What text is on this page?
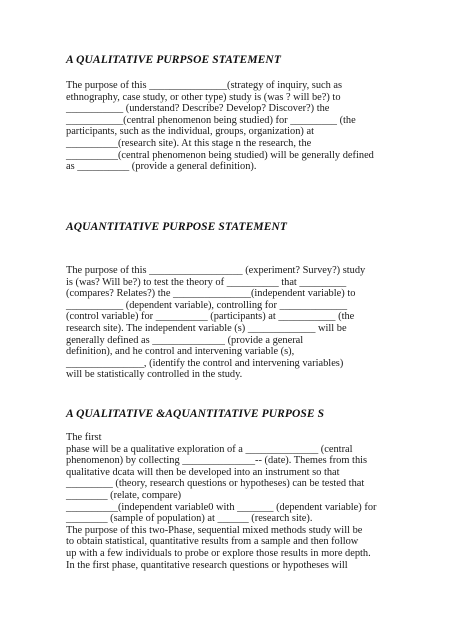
A QUALITATIVE PURPSOE STATEMENT
The purpose of this _______________(strategy of inquiry, such as
ethnography, case study, or other type) study is (was ? will be?) to
___________ (understand? Describe? Develop? Discover?) the
___________(central phenomenon being studied) for _________ (the
participants, such as the individual, groups, organization) at
__________(research site). At this stage n the research, the
__________(central phenomenon being studied) will be generally defined
as __________ (provide a general definition).
AQUANTITATIVE PURPOSE STATEMENT
The purpose of this __________________ (experiment? Survey?) study
is (was? Will be?) to test the theory of __________ that _________
(compares? Relates?) the _______________(independent variable) to
___________ (dependent variable), controlling for _____________
(control variable) for __________ (participants) at ___________ (the
research site). The independent variable (s) _____________ will be
generally defined as ______________ (provide a general
definition), and he control and intervening variable (s),
_______________, (identify the control and intervening variables)
will be statistically controlled in the study.
A QUALITATIVE &AQUANTITATIVE PURPOSE S
The first
phase will be a qualitative exploration of a ______________ (central
phenomenon) by collecting ______________-- (date). Themes from this
qualitative dcata will then be developed into an instrument so that
_________ (theory, research questions or hypotheses) can be tested that
________ (relate, compare)
__________(independent variable0 with _______ (dependent variable) for
________ (sample of population) at ______ (research site).
The purpose of this two-Phase, sequential mixed methods study will be
to obtain statistical, quantitative results from a sample and then follow
up with a few individuals to probe or explore those results in more depth.
In the first phase, quantitative research questions or hypotheses will
